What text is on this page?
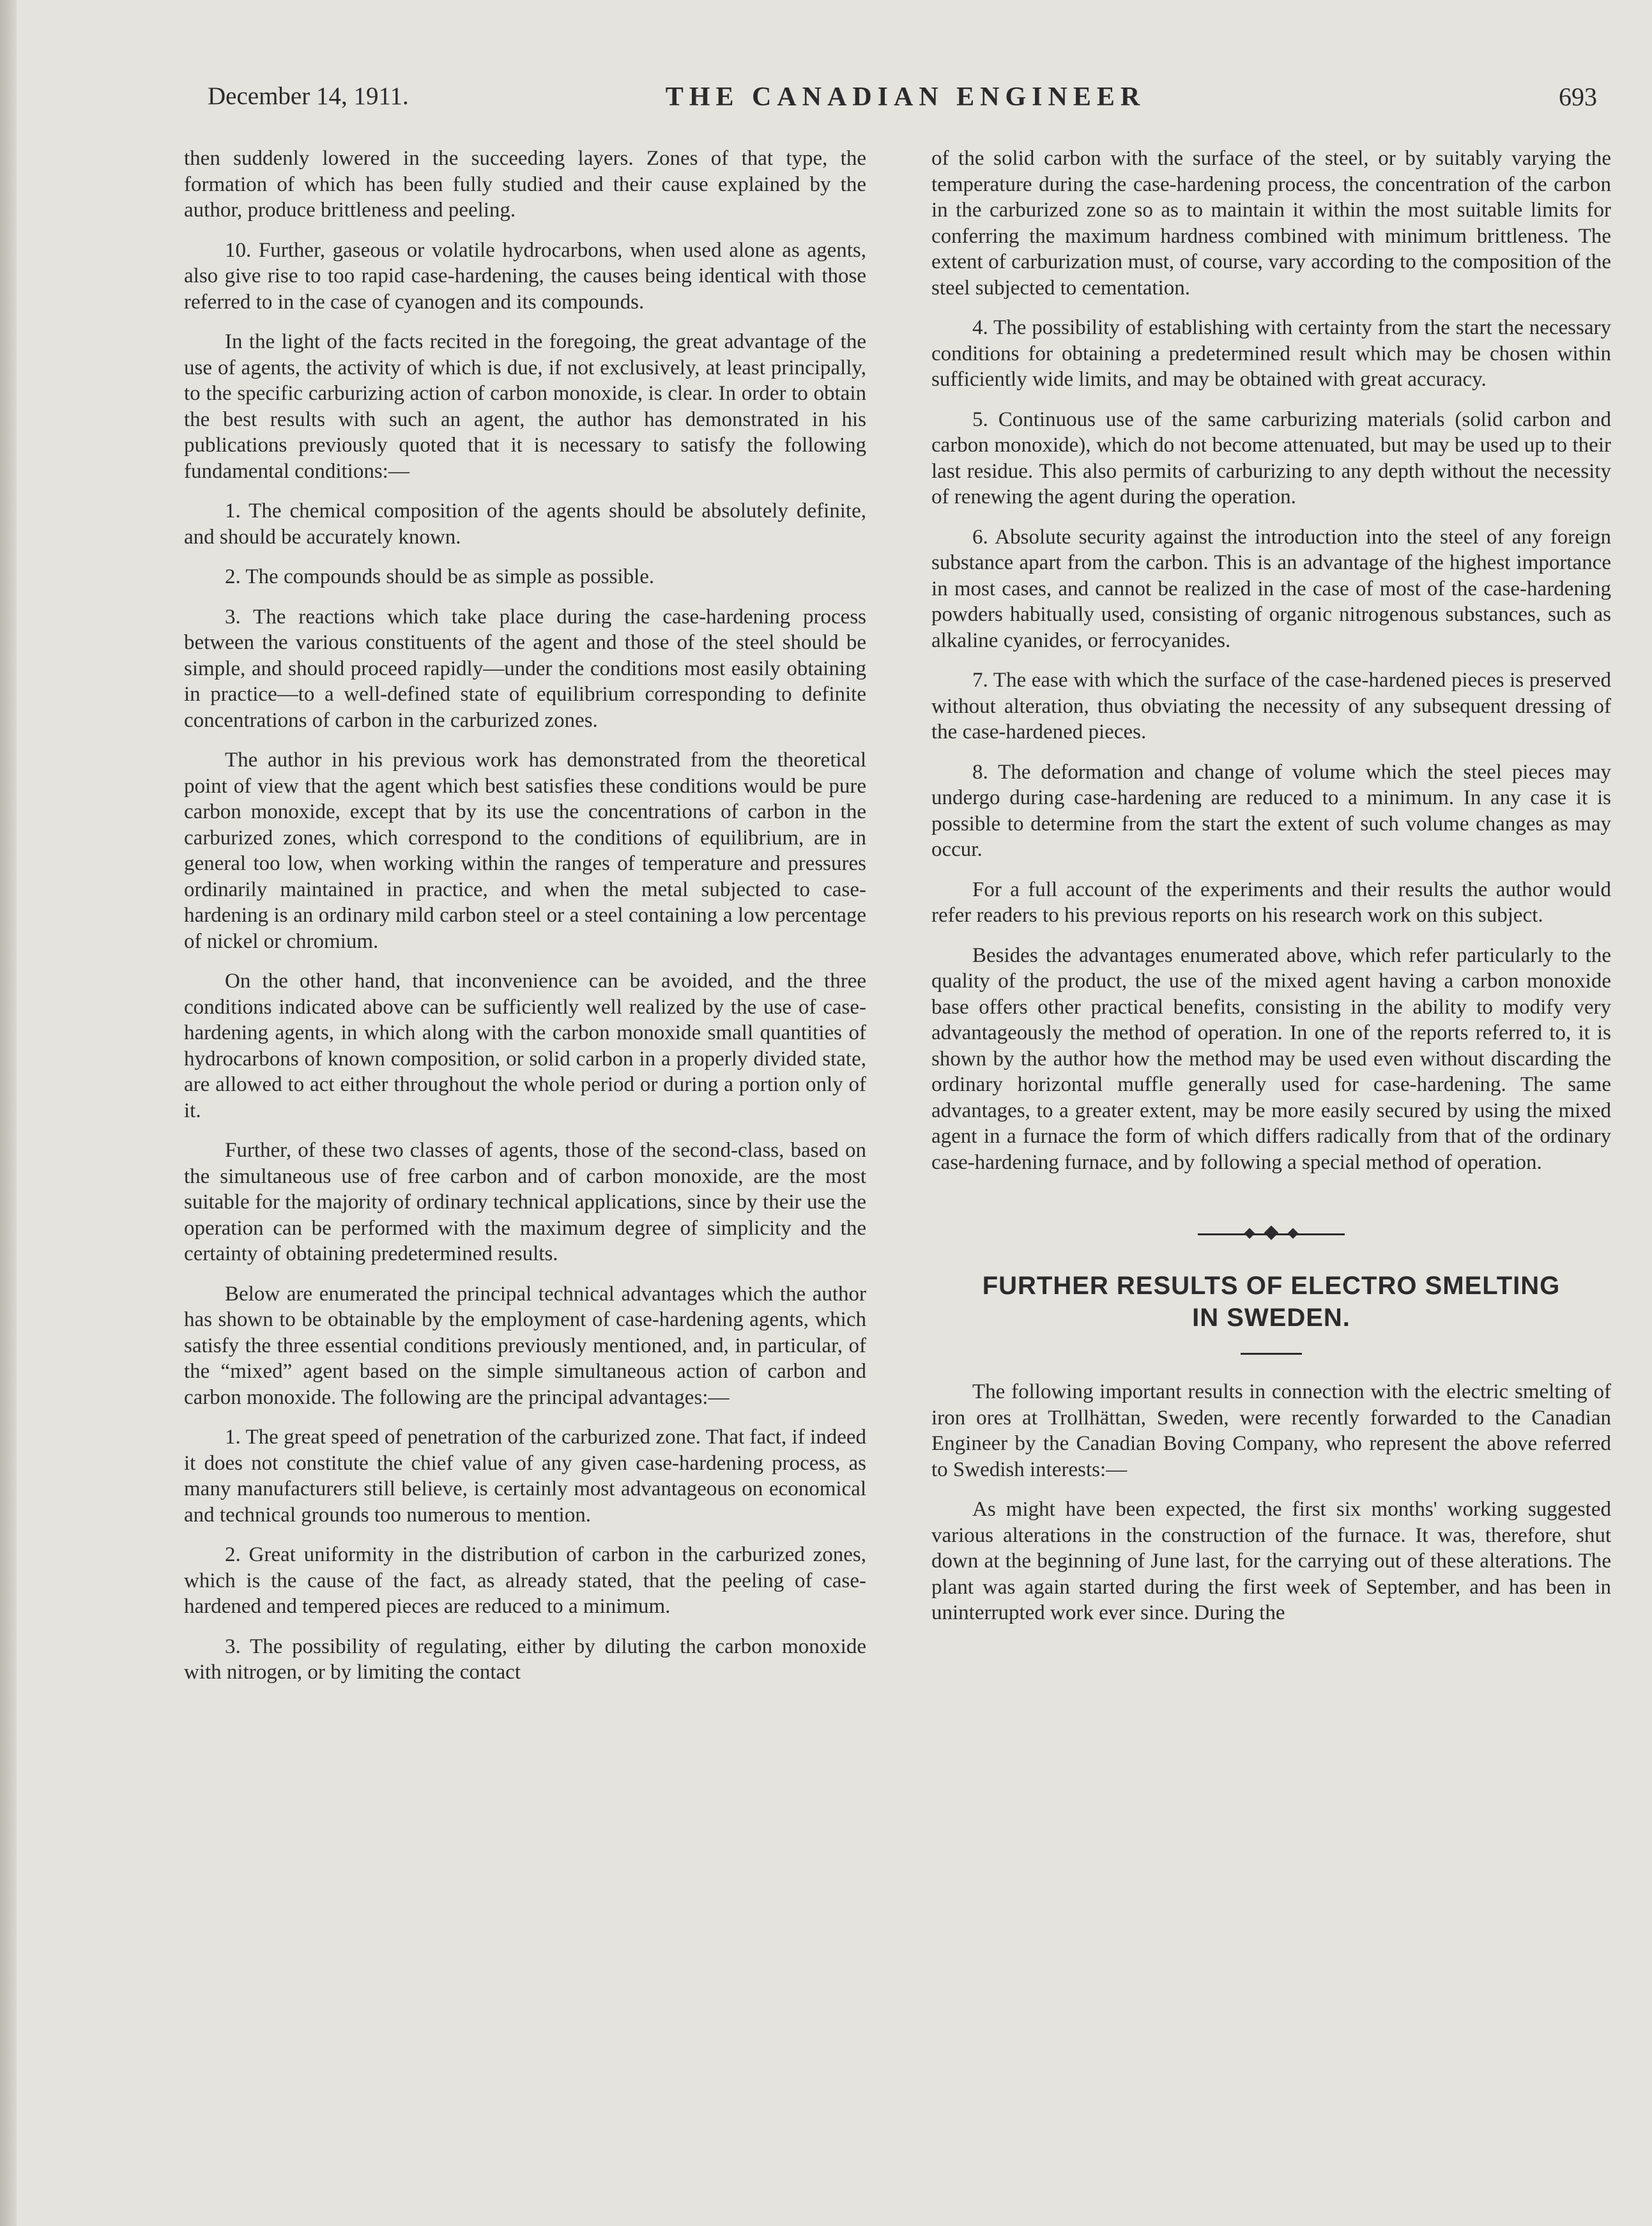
December 14, 1911.	THE CANADIAN ENGINEER	693

then suddenly lowered in the succeeding layers. Zones of that type, the formation of which has been fully studied and their cause explained by the author, produce brittleness and peeling.

10. Further, gaseous or volatile hydrocarbons, when used alone as agents, also give rise to too rapid case-hardening, the causes being identical with those referred to in the case of cyanogen and its compounds.

In the light of the facts recited in the foregoing, the great advantage of the use of agents, the activity of which is due, if not exclusively, at least principally, to the specific carburizing action of carbon monoxide, is clear. In order to obtain the best results with such an agent, the author has demonstrated in his publications previously quoted that it is necessary to satisfy the following fundamental conditions:—

1. The chemical composition of the agents should be absolutely definite, and should be accurately known.

2. The compounds should be as simple as possible.

3. The reactions which take place during the case-hardening process between the various constituents of the agent and those of the steel should be simple, and should proceed rapidly—under the conditions most easily obtaining in practice—to a well-defined state of equilibrium corresponding to definite concentrations of carbon in the carburized zones.

The author in his previous work has demonstrated from the theoretical point of view that the agent which best satisfies these conditions would be pure carbon monoxide, except that by its use the concentrations of carbon in the carburized zones, which correspond to the conditions of equilibrium, are in general too low, when working within the ranges of temperature and pressures ordinarily maintained in practice, and when the metal subjected to case-hardening is an ordinary mild carbon steel or a steel containing a low percentage of nickel or chromium.

On the other hand, that inconvenience can be avoided, and the three conditions indicated above can be sufficiently well realized by the use of case-hardening agents, in which along with the carbon monoxide small quantities of hydrocarbons of known composition, or solid carbon in a properly divided state, are allowed to act either throughout the whole period or during a portion only of it.

Further, of these two classes of agents, those of the second-class, based on the simultaneous use of free carbon and of carbon monoxide, are the most suitable for the majority of ordinary technical applications, since by their use the operation can be performed with the maximum degree of simplicity and the certainty of obtaining predetermined results.

Below are enumerated the principal technical advantages which the author has shown to be obtainable by the employment of case-hardening agents, which satisfy the three essential conditions previously mentioned, and, in particular, of the “mixed” agent based on the simple simultaneous action of carbon and carbon monoxide. The following are the principal advantages:—

1. The great speed of penetration of the carburized zone. That fact, if indeed it does not constitute the chief value of any given case-hardening process, as many manufacturers still believe, is certainly most advantageous on economical and technical grounds too numerous to mention.

2. Great uniformity in the distribution of carbon in the carburized zones, which is the cause of the fact, as already stated, that the peeling of case-hardened and tempered pieces are reduced to a minimum.

3. The possibility of regulating, either by diluting the carbon monoxide with nitrogen, or by limiting the contact

of the solid carbon with the surface of the steel, or by suitably varying the temperature during the case-hardening process, the concentration of the carbon in the carburized zone so as to maintain it within the most suitable limits for conferring the maximum hardness combined with minimum brittleness. The extent of carburization must, of course, vary according to the composition of the steel subjected to cementation.

4. The possibility of establishing with certainty from the start the necessary conditions for obtaining a predetermined result which may be chosen within sufficiently wide limits, and may be obtained with great accuracy.

5. Continuous use of the same carburizing materials (solid carbon and carbon monoxide), which do not become attenuated, but may be used up to their last residue. This also permits of carburizing to any depth without the necessity of renewing the agent during the operation.

6. Absolute security against the introduction into the steel of any foreign substance apart from the carbon. This is an advantage of the highest importance in most cases, and cannot be realized in the case of most of the case-hardening powders habitually used, consisting of organic nitrogenous substances, such as alkaline cyanides, or ferrocyanides.

7. The ease with which the surface of the case-hardened pieces is preserved without alteration, thus obviating the necessity of any subsequent dressing of the case-hardened pieces.

8. The deformation and change of volume which the steel pieces may undergo during case-hardening are reduced to a minimum. In any case it is possible to determine from the start the extent of such volume changes as may occur.

For a full account of the experiments and their results the author would refer readers to his previous reports on his research work on this subject.

Besides the advantages enumerated above, which refer particularly to the quality of the product, the use of the mixed agent having a carbon monoxide base offers other practical benefits, consisting in the ability to modify very advantageously the method of operation. In one of the reports referred to, it is shown by the author how the method may be used even without discarding the ordinary horizontal muffle generally used for case-hardening. The same advantages, to a greater extent, may be more easily secured by using the mixed agent in a furnace the form of which differs radically from that of the ordinary case-hardening furnace, and by following a special method of operation.

FURTHER RESULTS OF ELECTRO SMELTING
IN SWEDEN.

The following important results in connection with the electric smelting of iron ores at Trollhättan, Sweden, were recently forwarded to the Canadian Engineer by the Canadian Boving Company, who represent the above referred to Swedish interests:—

As might have been expected, the first six months' working suggested various alterations in the construction of the furnace. It was, therefore, shut down at the beginning of June last, for the carrying out of these alterations. The plant was again started during the first week of September, and has been in uninterrupted work ever since. During the
